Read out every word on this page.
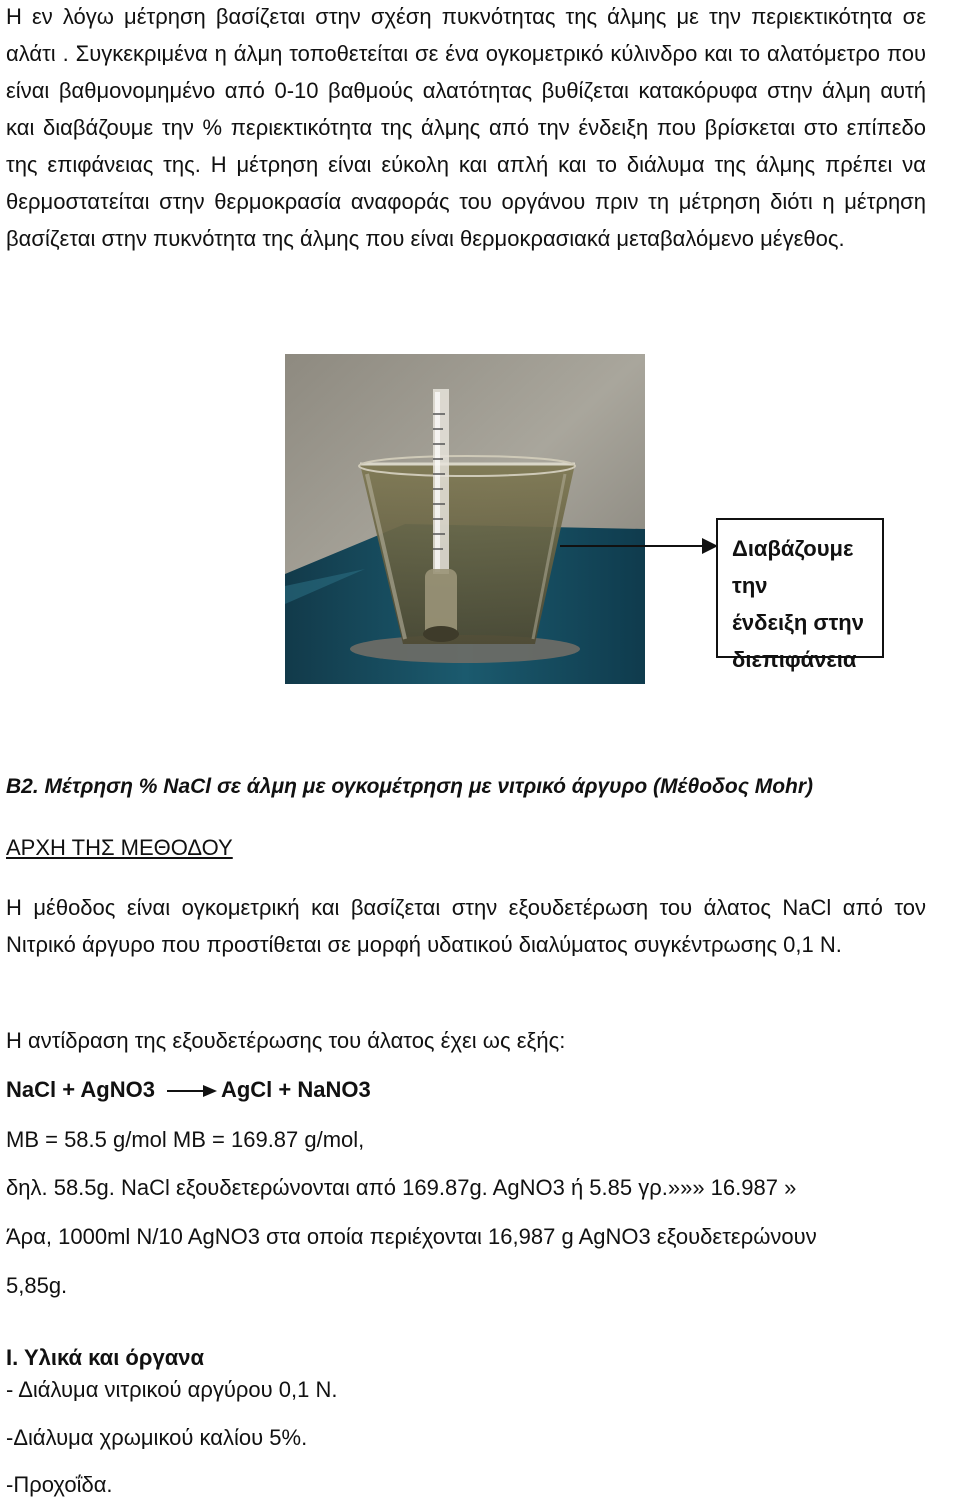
Η εν λόγω μέτρηση βασίζεται στην σχέση πυκνότητας της άλμης με την περιεκτικότητα σε αλάτι . Συγκεκριμένα η άλμη τοποθετείται σε ένα ογκομετρικό κύλινδρο και το αλατόμετρο που είναι βαθμονομημένο από 0-10 βαθμούς αλατότητας βυθίζεται κατακόρυφα στην άλμη αυτή και διαβάζουμε την % περιεκτικότητα της άλμης από την ένδειξη που βρίσκεται στο επίπεδο της επιφάνειας της. Η μέτρηση είναι εύκολη και απλή και το διάλυμα της άλμης πρέπει να θερμοστατείται στην θερμοκρασία αναφοράς του οργάνου πριν τη μέτρηση διότι η μέτρηση βασίζεται στην πυκνότητα της άλμης που είναι θερμοκρασιακά μεταβαλόμενο μέγεθος.

Διαβάζουμε την
ένδειξη στην
διεπιφάνεια
Β2. Μέτρηση % NaCl σε άλμη με ογκομέτρηση με νιτρικό άργυρο (Μέθοδος Mohr)
ΑΡΧΗ ΤΗΣ ΜΕΘΟΔΟΥ

Η μέθοδος είναι ογκομετρική και βασίζεται στην εξουδετέρωση του άλατος NaCl από τον Νιτρικό άργυρο που προστίθεται σε μορφή υδατικού διαλύματος συγκέντρωσης 0,1 Ν.

Η αντίδραση της εξουδετέρωσης του άλατος έχει ως εξής:
NaCl + AgNO3 → AgCl + NaNO3
MB = 58.5 g/mol MB = 169.87 g/mol,
δηλ. 58.5g. NaCl εξουδετερώνονται από 169.87g. AgNO3 ή 5.85 γρ.»»» 16.987 »
Άρα, 1000ml N/10 AgNO3 στα οποία περιέχονται 16,987 g AgNO3 εξουδετερώνουν
5,85g.
Ι. Υλικά και όργανα
- Διάλυμα νιτρικού αργύρου 0,1 Ν.
-Διάλυμα χρωμικού καλίου 5%.
-Προχοΐδα.
